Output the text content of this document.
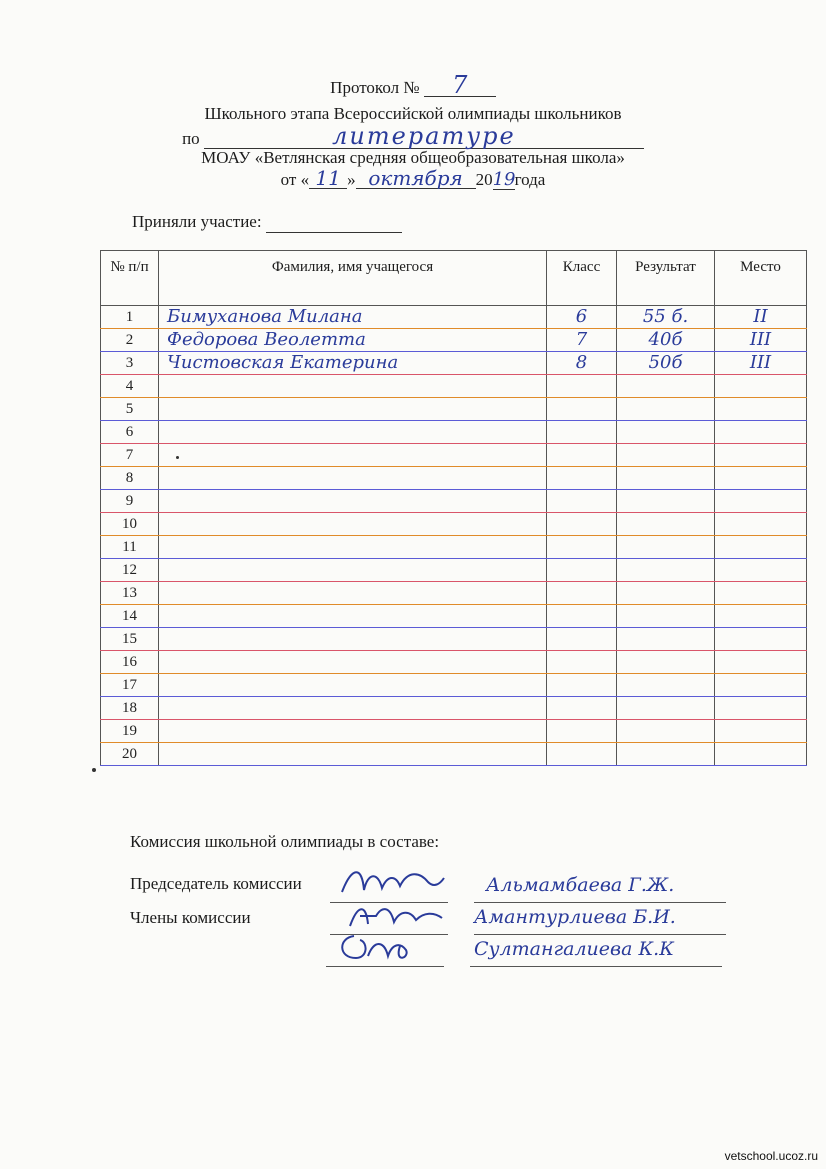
Протокол № 7
Школьного этапа Всероссийской олимпиады школьников
по	литературе
МОАУ «Ветлянская средняя общеобразовательная школа»
от « 11 » октября 2019года
Приняли участие:
№ п/п	Фамилия, имя учащегося	Класс	Результат	Место
1	Бимуханова Милана	6	55 б.	II
2	Федорова Веолетта	7	40б	III
3	Чистовская Екатерина	8	50б	III
4				
5				
6				
7				
8				
9				
10				
11				
12				
13				
14				
15				
16				
17				
18				
19				
20				
Комиссия школьной олимпиады в составе:
Председатель комиссии	Альмамбаева Г.Ж.
Члены комиссии	Амантурлиева Б.И.
Султангалиева К.К
vetschool.ucoz.ru
